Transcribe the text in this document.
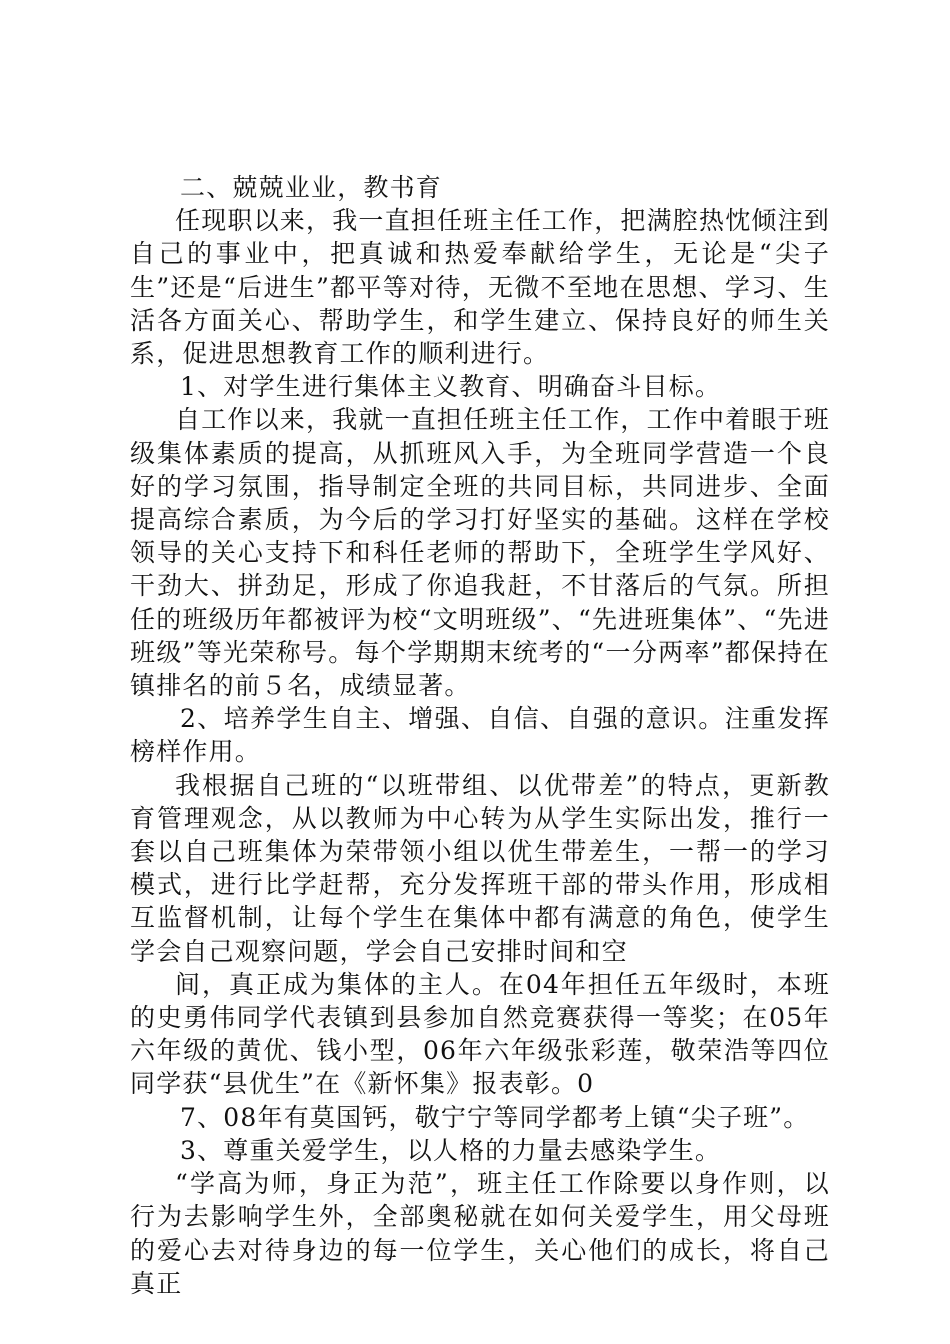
二、兢兢业业，教书育

任现职以来，我一直担任班主任工作，把满腔热忱倾注到自己的事业中，把真诚和热爱奉献给学生，无论是“尖子生”还是“后进生”都平等对待，无微不至地在思想、学习、生活各方面关心、帮助学生，和学生建立、保持良好的师生关系，促进思想教育工作的顺利进行。

1、对学生进行集体主义教育、明确奋斗目标。

自工作以来，我就一直担任班主任工作，工作中着眼于班级集体素质的提高，从抓班风入手，为全班同学营造一个良好的学习氛围，指导制定全班的共同目标，共同进步、全面提高综合素质，为今后的学习打好坚实的基础。这样在学校领导的关心支持下和科任老师的帮助下，全班学生学风好、干劲大、拼劲足，形成了你追我赶，不甘落后的气氛。所担任的班级历年都被评为校“文明班级”、“先进班集体”、“先进班级”等光荣称号。每个学期期末统考的“一分两率”都保持在镇排名的前５名，成绩显著。

2、培养学生自主、增强、自信、自强的意识。注重发挥榜样作用。

我根据自己班的“以班带组、以优带差”的特点，更新教育管理观念，从以教师为中心转为从学生实际出发，推行一套以自己班集体为荣带领小组以优生带差生，一帮一的学习模式，进行比学赶帮，充分发挥班干部的带头作用，形成相互监督机制，让每个学生在集体中都有满意的角色，使学生学会自己观察问题，学会自己安排时间和空

间，真正成为集体的主人。在04年担任五年级时，本班的史勇伟同学代表镇到县参加自然竞赛获得一等奖；在05年六年级的黄优、钱小型，06年六年级张彩莲，敬荣浩等四位同学获“县优生”在《新怀集》报表彰。0

7、08年有莫国钙，敬宁宁等同学都考上镇“尖子班”。

3、尊重关爱学生，以人格的力量去感染学生。

“学高为师，身正为范”，班主任工作除要以身作则，以行为去影响学生外，全部奥秘就在如何关爱学生，用父母班的爱心去对待身边的每一位学生，关心他们的成长，将自己真正
